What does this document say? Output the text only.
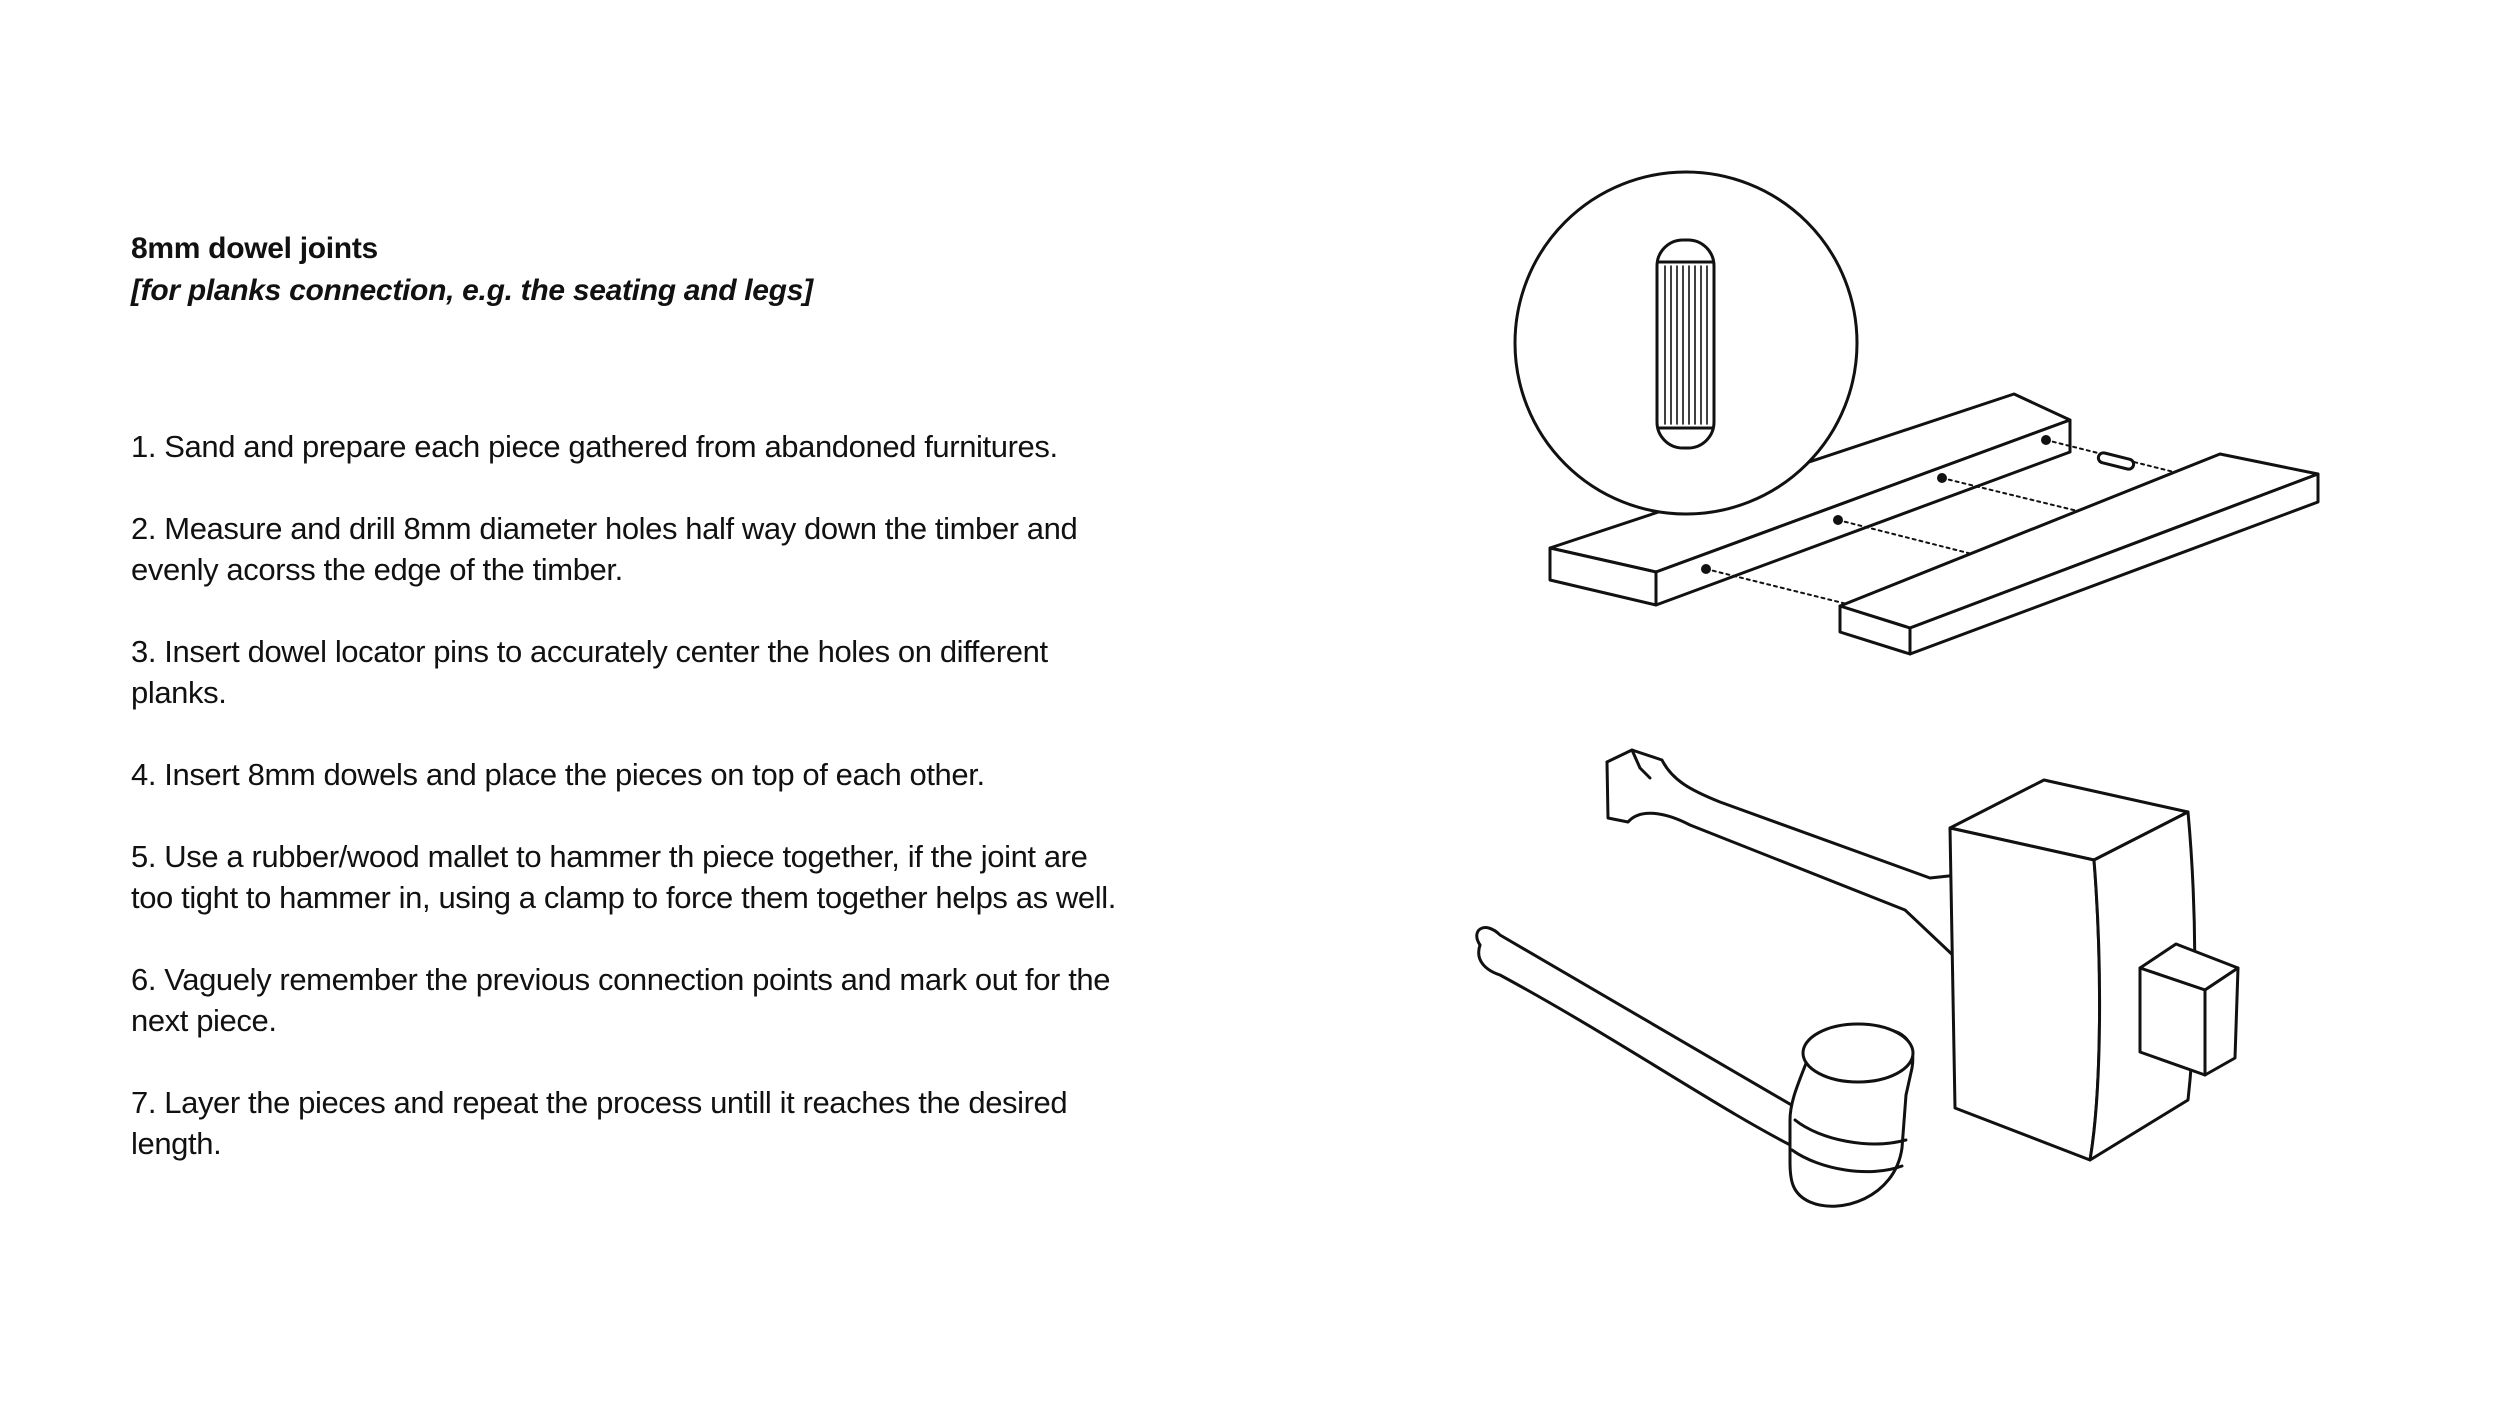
8mm dowel joints

[for planks connection, e.g. the seating and legs]

1. Sand and prepare each piece gathered from abandoned furnitures.
2. Measure and drill 8mm diameter holes half way down the timber and evenly acorss the edge of the timber.
3. Insert dowel locator pins to accurately center the holes on different planks.
4. Insert 8mm dowels and place the pieces on top of each other.
5. Use a rubber/wood mallet to hammer th piece together, if the joint are too tight to hammer in, using a clamp to force them together helps as well.
6. Vaguely remember the previous connection points and mark out for the next piece.
7. Layer the pieces and repeat the process untill it reaches the desired length.
